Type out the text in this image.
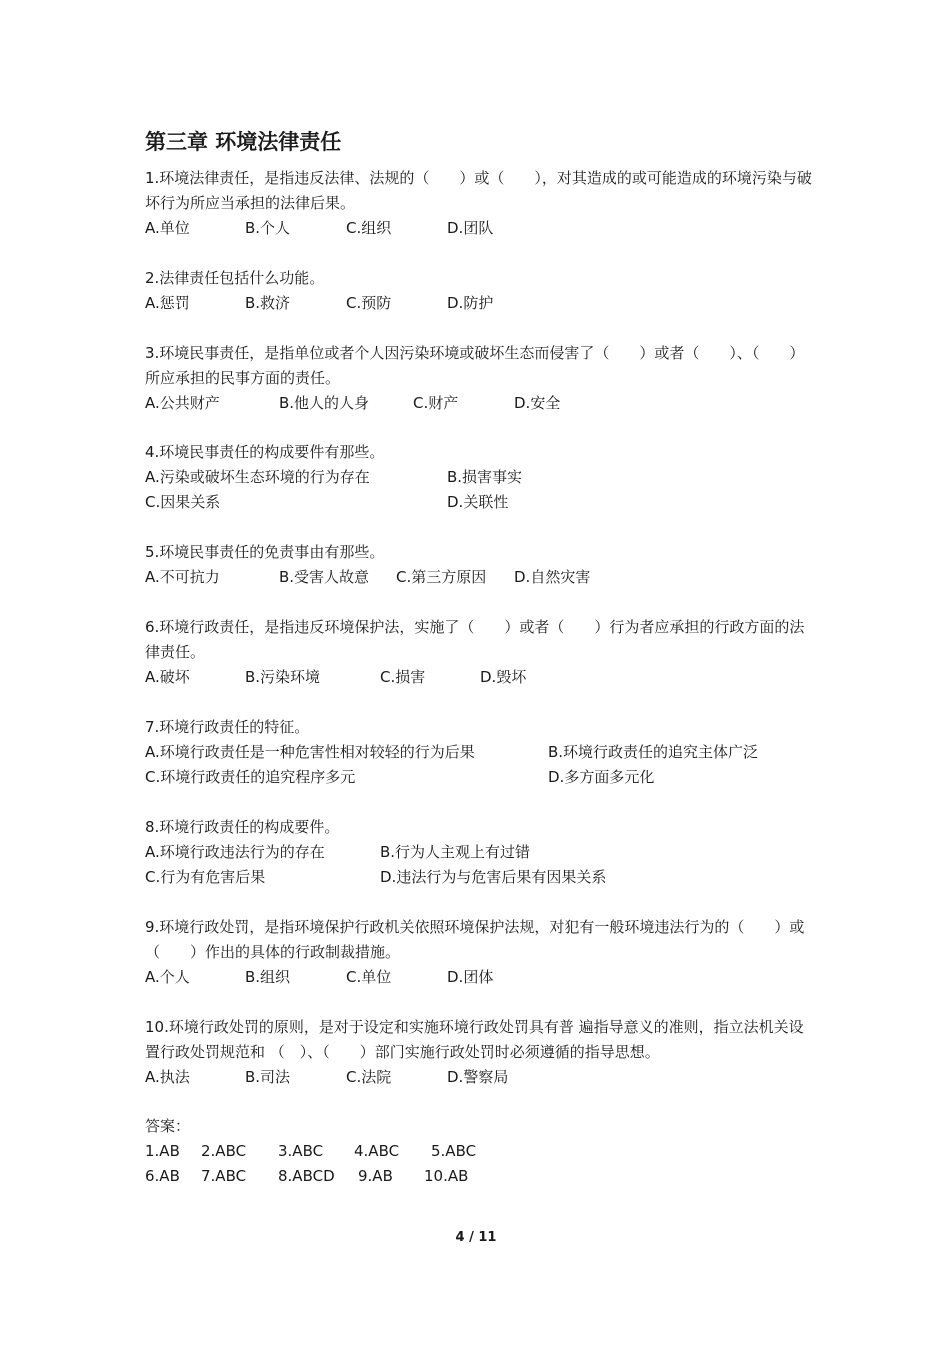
第三章 环境法律责任
1.环境法律责任，是指违反法律、法规的（　　）或（　　），对其造成的或可能造成的环境污染与破坏行为所应当承担的法律后果。
A.单位	B.个人	C.组织	D.团队
2.法律责任包括什么功能。
A.惩罚	B.救济	C.预防	D.防护
3.环境民事责任，是指单位或者个人因污染环境或破坏生态而侵害了（　　）或者（　　）、（　　）所应承担的民事方面的责任。
A.公共财产	B.他人的人身	C.财产	D.安全
4.环境民事责任的构成要件有那些。
A.污染或破坏生态环境的行为存在	B.损害事实
C.因果关系	D.关联性
5.环境民事责任的免责事由有那些。
A.不可抗力	B.受害人故意 C.第三方原因 D.自然灾害
6.环境行政责任，是指违反环境保护法，实施了（　　）或者（　　）行为者应承担的行政方面的法律责任。
A.破坏	B.污染环境	C.损害	D.毁坏
7.环境行政责任的特征。
A.环境行政责任是一种危害性相对较轻的行为后果	B.环境行政责任的追究主体广泛
C.环境行政责任的追究程序多元	D.多方面多元化
8.环境行政责任的构成要件。
A.环境行政违法行为的存在	B.行为人主观上有过错
C.行为有危害后果	D.违法行为与危害后果有因果关系
9.环境行政处罚，是指环境保护行政机关依照环境保护法规，对犯有一般环境违法行为的（　　）或（　　）作出的具体的行政制裁措施。
A.个人	B.组织	C.单位	D.团体
10.环境行政处罚的原则，是对于设定和实施环境行政处罚具有普 遍指导意义的准则，指立法机关设置行政处罚规范和 （　）、（　　）部门实施行政处罚时必须遵循的指导思想。
A.执法	B.司法	C.法院	D.警察局
答案：
1.AB 2.ABC 3.ABC 4.ABC 5.ABC
6.AB 7.ABC 8.ABCD 9.AB 10.AB
4 / 11
